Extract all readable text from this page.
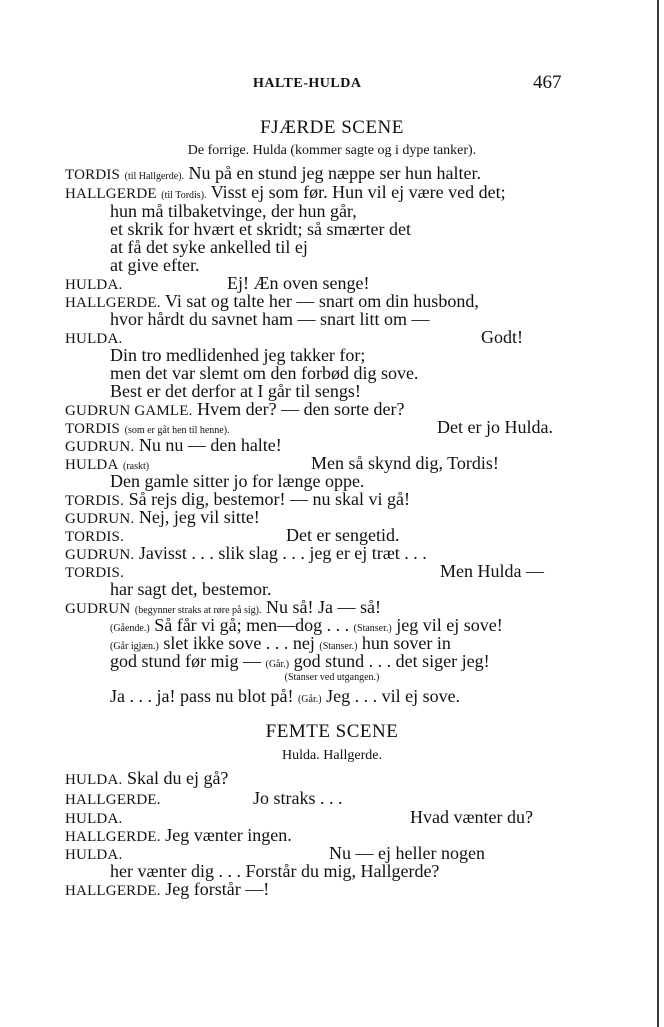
HALTE-HULDA	467
FJÆRDE SCENE
De forrige. Hulda (kommer sagte og i dype tanker).
TORDIS (til Hallgerde). Nu på en stund jeg næppe ser hun halter.
HALLGERDE (til Tordis). Visst ej som før. Hun vil ej være ved det;
hun må tilbaketvinge, der hun går,
et skrik for hvært et skridt; så smærter det
at få det syke ankelled til ej
at give efter.
HULDA.	Ej! Æn oven senge!
HALLGERDE. Vi sat og talte her — snart om din husbond,
hvor hårdt du savnet ham — snart litt om —
HULDA.	Godt!
Din tro medlidenhed jeg takker for;
men det var slemt om den forbød dig sove.
Best er det derfor at I går til sengs!
GUDRUN GAMLE. Hvem der? — den sorte der?
TORDIS (som er gåt hen til henne).	Det er jo Hulda.
GUDRUN. Nu nu — den halte!
HULDA (raskt)	Men så skynd dig, Tordis!
Den gamle sitter jo for længe oppe.
TORDIS. Så rejs dig, bestemor! — nu skal vi gå!
GUDRUN. Nej, jeg vil sitte!
TORDIS.	Det er sengetid.
GUDRUN. Javisst . . . slik slag . . . jeg er ej træt . . .
TORDIS.	Men Hulda —
har sagt det, bestemor.
GUDRUN (begynner straks at røre på sig). Nu så! Ja — så!
(Gående.) Så får vi gå; men—dog . . . (Stanser.) jeg vil ej sove!
(Går igjæn.) slet ikke sove . . . nej (Stanser.) hun sover in
god stund før mig — (Går.) god stund . . . det siger jeg!
(Stanser ved utgangen.)
Ja . . . ja! pass nu blot på! (Går.) Jeg . . . vil ej sove.
FEMTE SCENE
Hulda. Hallgerde.
HULDA. Skal du ej gå?
HALLGERDE.	Jo straks . . .
HULDA.	Hvad vænter du?
HALLGERDE. Jeg vænter ingen.
HULDA.	Nu — ej heller nogen
her vænter dig . . . Forstår du mig, Hallgerde?
HALLGERDE. Jeg forstår —!
